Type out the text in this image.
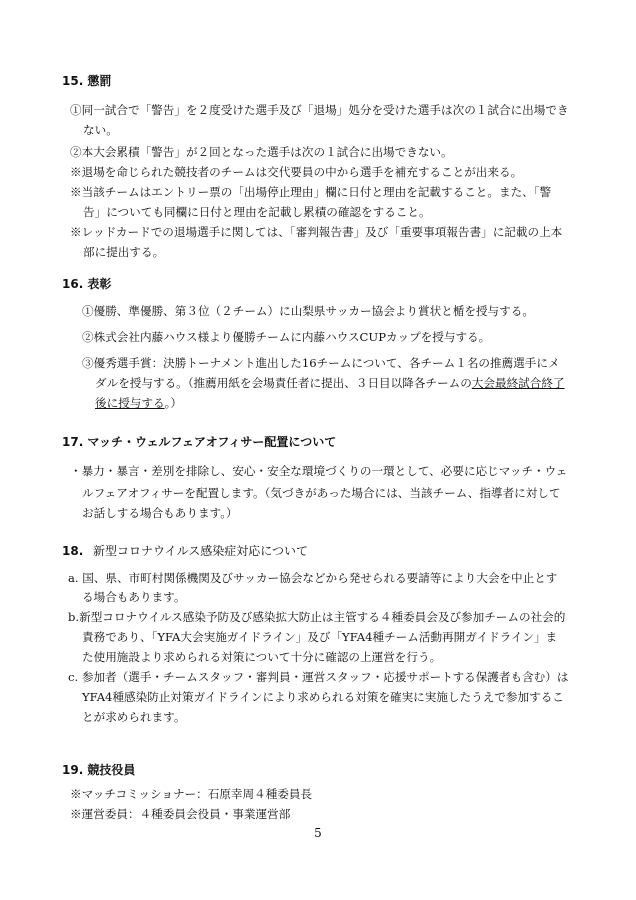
15. 懲罰
①同一試合で「警告」を２度受けた選手及び「退場」処分を受けた選手は次の１試合に出場でき
ない。
②本大会累積「警告」が２回となった選手は次の１試合に出場できない。
※退場を命じられた競技者のチームは交代要員の中から選手を補充することが出来る。
※当該チームはエントリー票の「出場停止理由」欄に日付と理由を記載すること。また、「警
告」についても同欄に日付と理由を記載し累積の確認をすること。
※レッドカードでの退場選手に関しては、「審判報告書」及び「重要事項報告書」に記載の上本
部に提出する。
16. 表彰
①優勝、準優勝、第３位（２チーム）に山梨県サッカー協会より賞状と楯を授与する。
②株式会社内藤ハウス様より優勝チームに内藤ハウスCUPカップを授与する。
③優秀選手賞：決勝トーナメント進出した16チームについて、各チーム１名の推薦選手にメ
ダルを授与する。（推薦用紙を会場責任者に提出、３日目以降各チームの大会最終試合終了
後に授与する。）
17. マッチ・ウェルフェアオフィサー配置について
・暴力・暴言・差別を排除し、安心・安全な環境づくりの一環として、必要に応じマッチ・ウェ
ルフェアオフィサーを配置します。（気づきがあった場合には、当該チーム、指導者に対して
お話しする場合もあります。）
18. 新型コロナウイルス感染症対応について
a. 国、県、市町村関係機関及びサッカー協会などから発せられる要請等により大会を中止とす
る場合もあります。
b.新型コロナウイルス感染予防及び感染拡大防止は主管する４種委員会及び参加チームの社会的
責務であり、「YFA大会実施ガイドライン」及び「YFA4種チーム活動再開ガイドライン」ま
た使用施設より求められる対策について十分に確認の上運営を行う。
c. 参加者（選手・チームスタッフ・審判員・運営スタッフ・応援サポートする保護者も含む）は
YFA4種感染防止対策ガイドラインにより求められる対策を確実に実施したうえで参加するこ
とが求められます。
19. 競技役員
※マッチコミッショナー：石原幸周４種委員長
※運営委員：４種委員会役員・事業運営部
5
